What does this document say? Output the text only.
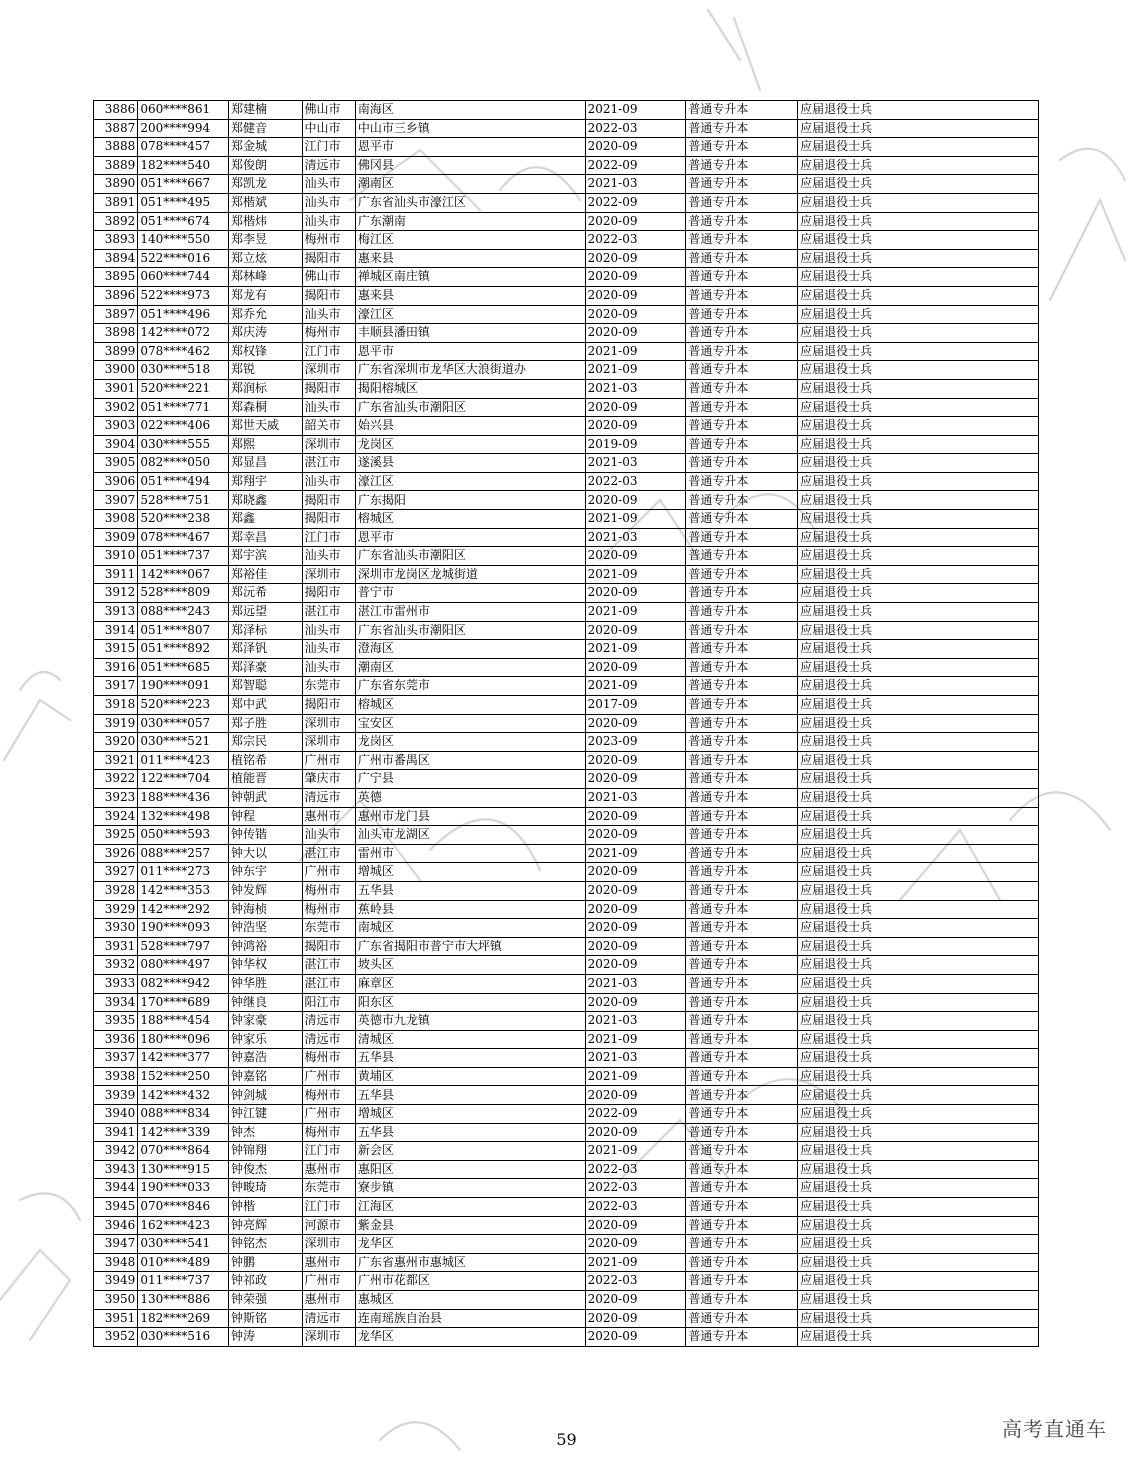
3886	060****861	郑建楠	佛山市	南海区	2021-09	普通专升本	应届退役士兵
3887	200****994	郑健音	中山市	中山市三乡镇	2022-03	普通专升本	应届退役士兵
3888	078****457	郑金城	江门市	恩平市	2020-09	普通专升本	应届退役士兵
3889	182****540	郑俊朗	清远市	佛冈县	2022-09	普通专升本	应届退役士兵
3890	051****667	郑凯龙	汕头市	潮南区	2021-03	普通专升本	应届退役士兵
3891	051****495	郑楷斌	汕头市	广东省汕头市濠江区	2022-09	普通专升本	应届退役士兵
3892	051****674	郑楷炜	汕头市	广东潮南	2020-09	普通专升本	应届退役士兵
3893	140****550	郑李昱	梅州市	梅江区	2022-03	普通专升本	应届退役士兵
3894	522****016	郑立炫	揭阳市	惠来县	2020-09	普通专升本	应届退役士兵
3895	060****744	郑林峰	佛山市	禅城区南庄镇	2020-09	普通专升本	应届退役士兵
3896	522****973	郑龙有	揭阳市	惠来县	2020-09	普通专升本	应届退役士兵
3897	051****496	郑乔允	汕头市	濠江区	2020-09	普通专升本	应届退役士兵
3898	142****072	郑庆涛	梅州市	丰顺县潘田镇	2020-09	普通专升本	应届退役士兵
3899	078****462	郑权锋	江门市	恩平市	2021-09	普通专升本	应届退役士兵
3900	030****518	郑锐	深圳市	广东省深圳市龙华区大浪街道办	2021-09	普通专升本	应届退役士兵
3901	520****221	郑润标	揭阳市	揭阳榕城区	2021-03	普通专升本	应届退役士兵
3902	051****771	郑森桐	汕头市	广东省汕头市潮阳区	2020-09	普通专升本	应届退役士兵
3903	022****406	郑世天威	韶关市	始兴县	2020-09	普通专升本	应届退役士兵
3904	030****555	郑熙	深圳市	龙岗区	2019-09	普通专升本	应届退役士兵
3905	082****050	郑显昌	湛江市	遂溪县	2021-03	普通专升本	应届退役士兵
3906	051****494	郑翔宇	汕头市	濠江区	2022-03	普通专升本	应届退役士兵
3907	528****751	郑晓鑫	揭阳市	广东揭阳	2020-09	普通专升本	应届退役士兵
3908	520****238	郑鑫	揭阳市	榕城区	2021-09	普通专升本	应届退役士兵
3909	078****467	郑幸昌	江门市	恩平市	2021-03	普通专升本	应届退役士兵
3910	051****737	郑宇滨	汕头市	广东省汕头市潮阳区	2020-09	普通专升本	应届退役士兵
3911	142****067	郑裕佳	深圳市	深圳市龙岗区龙城街道	2021-09	普通专升本	应届退役士兵
3912	528****809	郑沅希	揭阳市	普宁市	2020-09	普通专升本	应届退役士兵
3913	088****243	郑远望	湛江市	湛江市雷州市	2021-09	普通专升本	应届退役士兵
3914	051****807	郑泽标	汕头市	广东省汕头市潮阳区	2020-09	普通专升本	应届退役士兵
3915	051****892	郑泽钒	汕头市	澄海区	2021-09	普通专升本	应届退役士兵
3916	051****685	郑泽豪	汕头市	潮南区	2020-09	普通专升本	应届退役士兵
3917	190****091	郑智聪	东莞市	广东省东莞市	2021-09	普通专升本	应届退役士兵
3918	520****223	郑中武	揭阳市	榕城区	2017-09	普通专升本	应届退役士兵
3919	030****057	郑子胜	深圳市	宝安区	2020-09	普通专升本	应届退役士兵
3920	030****521	郑宗民	深圳市	龙岗区	2023-09	普通专升本	应届退役士兵
3921	011****423	植铭希	广州市	广州市番禺区	2020-09	普通专升本	应届退役士兵
3922	122****704	植能晋	肇庆市	广宁县	2020-09	普通专升本	应届退役士兵
3923	188****436	钟朝武	清远市	英德	2021-03	普通专升本	应届退役士兵
3924	132****498	钟程	惠州市	惠州市龙门县	2020-09	普通专升本	应届退役士兵
3925	050****593	钟传锴	汕头市	汕头市龙湖区	2020-09	普通专升本	应届退役士兵
3926	088****257	钟大以	湛江市	雷州市	2021-09	普通专升本	应届退役士兵
3927	011****273	钟东宇	广州市	增城区	2020-09	普通专升本	应届退役士兵
3928	142****353	钟发辉	梅州市	五华县	2020-09	普通专升本	应届退役士兵
3929	142****292	钟海桢	梅州市	蕉岭县	2020-09	普通专升本	应届退役士兵
3930	190****093	钟浩坚	东莞市	南城区	2020-09	普通专升本	应届退役士兵
3931	528****797	钟鸿裕	揭阳市	广东省揭阳市普宁市大坪镇	2020-09	普通专升本	应届退役士兵
3932	080****497	钟华权	湛江市	坡头区	2020-09	普通专升本	应届退役士兵
3933	082****942	钟华胜	湛江市	麻章区	2021-03	普通专升本	应届退役士兵
3934	170****689	钟继良	阳江市	阳东区	2020-09	普通专升本	应届退役士兵
3935	188****454	钟家豪	清远市	英德市九龙镇	2021-03	普通专升本	应届退役士兵
3936	180****096	钟家乐	清远市	清城区	2021-09	普通专升本	应届退役士兵
3937	142****377	钟嘉浩	梅州市	五华县	2021-03	普通专升本	应届退役士兵
3938	152****250	钟嘉铭	广州市	黄埔区	2021-09	普通专升本	应届退役士兵
3939	142****432	钟剑城	梅州市	五华县	2020-09	普通专升本	应届退役士兵
3940	088****834	钟江键	广州市	增城区	2022-09	普通专升本	应届退役士兵
3941	142****339	钟杰	梅州市	五华县	2020-09	普通专升本	应届退役士兵
3942	070****864	钟锦翔	江门市	新会区	2021-09	普通专升本	应届退役士兵
3943	130****915	钟俊杰	惠州市	惠阳区	2022-03	普通专升本	应届退役士兵
3944	190****033	钟畯琦	东莞市	寮步镇	2022-03	普通专升本	应届退役士兵
3945	070****846	钟楷	江门市	江海区	2022-03	普通专升本	应届退役士兵
3946	162****423	钟亮辉	河源市	紫金县	2020-09	普通专升本	应届退役士兵
3947	030****541	钟铭杰	深圳市	龙华区	2020-09	普通专升本	应届退役士兵
3948	010****489	钟鹏	惠州市	广东省惠州市惠城区	2021-09	普通专升本	应届退役士兵
3949	011****737	钟祁政	广州市	广州市花都区	2022-03	普通专升本	应届退役士兵
3950	130****886	钟荣强	惠州市	惠城区	2020-09	普通专升本	应届退役士兵
3951	182****269	钟斯铭	清远市	连南瑶族自治县	2020-09	普通专升本	应届退役士兵
3952	030****516	钟涛	深圳市	龙华区	2020-09	普通专升本	应届退役士兵
59	高考直通车
